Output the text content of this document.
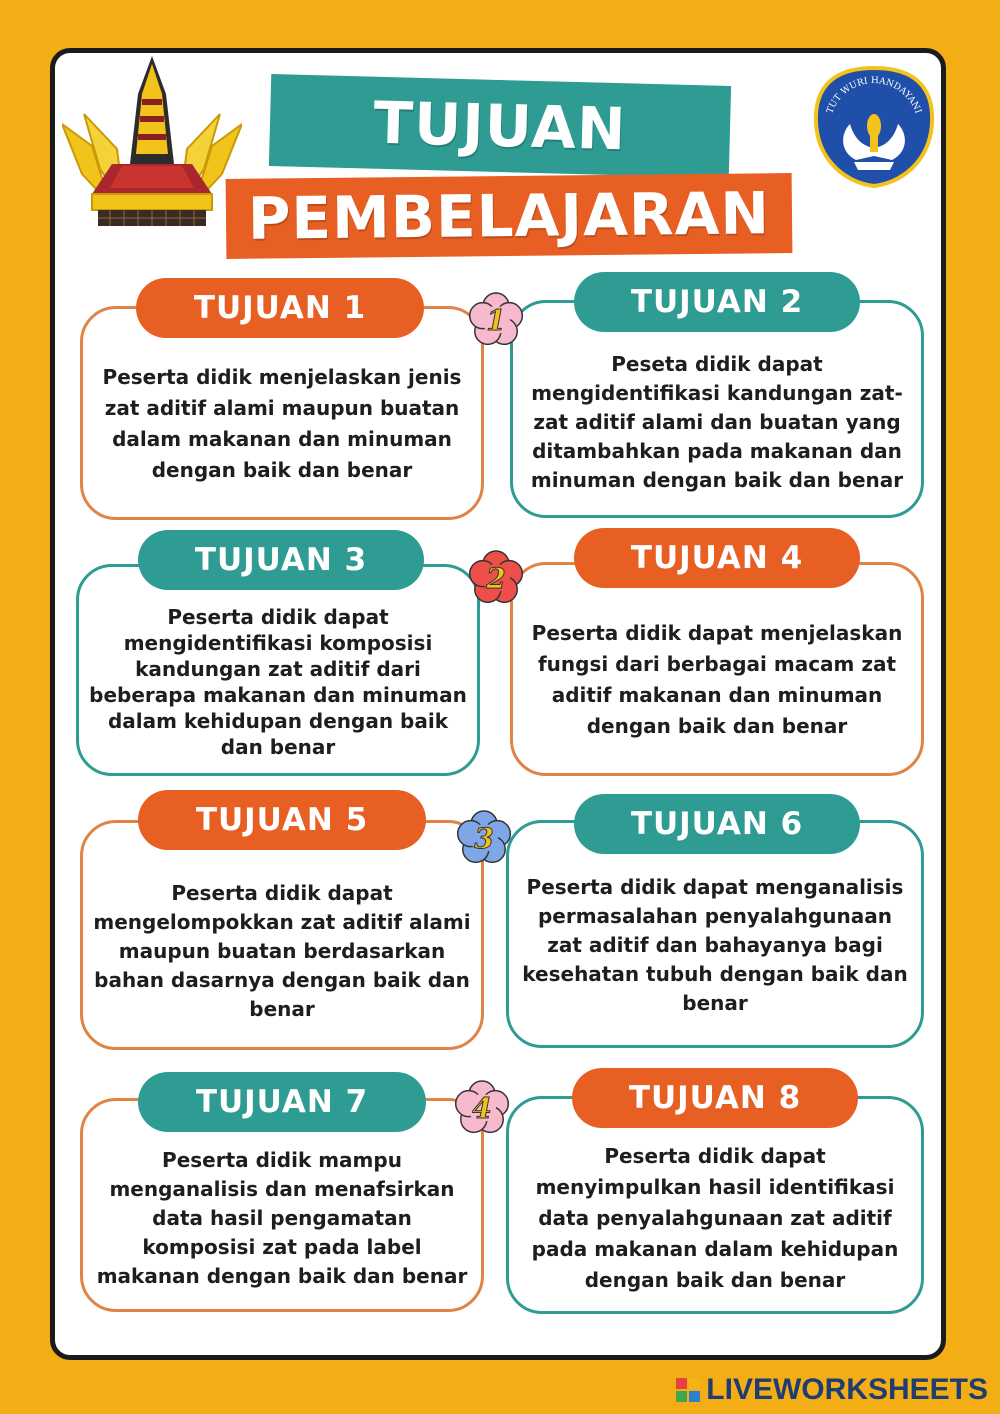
TUT WURI HANDAYANI
TUJUAN
PEMBELAJARAN
Peserta didik menjelaskan jenis zat aditif alami maupun buatan dalam makanan dan minuman dengan baik dan benar
TUJUAN 1
Peseta didik dapat mengidentifikasi kandungan zat-zat aditif alami dan buatan yang ditambahkan pada makanan dan minuman dengan baik dan benar
TUJUAN 2
Peserta didik dapat mengidentifikasi komposisi kandungan zat aditif dari beberapa makanan dan minuman dalam kehidupan dengan baik dan benar
TUJUAN 3
Peserta didik dapat menjelaskan fungsi dari berbagai macam zat aditif makanan dan minuman dengan baik dan benar
TUJUAN 4
Peserta didik dapat mengelompokkan zat aditif alami maupun buatan berdasarkan bahan dasarnya dengan baik dan benar
TUJUAN 5
Peserta didik dapat menganalisis permasalahan penyalahgunaan zat aditif dan bahayanya bagi kesehatan tubuh dengan baik dan benar
TUJUAN 6
Peserta didik mampu menganalisis dan menafsirkan data hasil pengamatan komposisi zat pada label makanan dengan baik dan benar
TUJUAN 7
Peserta didik dapat menyimpulkan hasil identifikasi data penyalahgunaan zat aditif pada makanan dalam kehidupan dengan baik dan benar
TUJUAN 8
1
2
3
4
LIVEWORKSHEETS
